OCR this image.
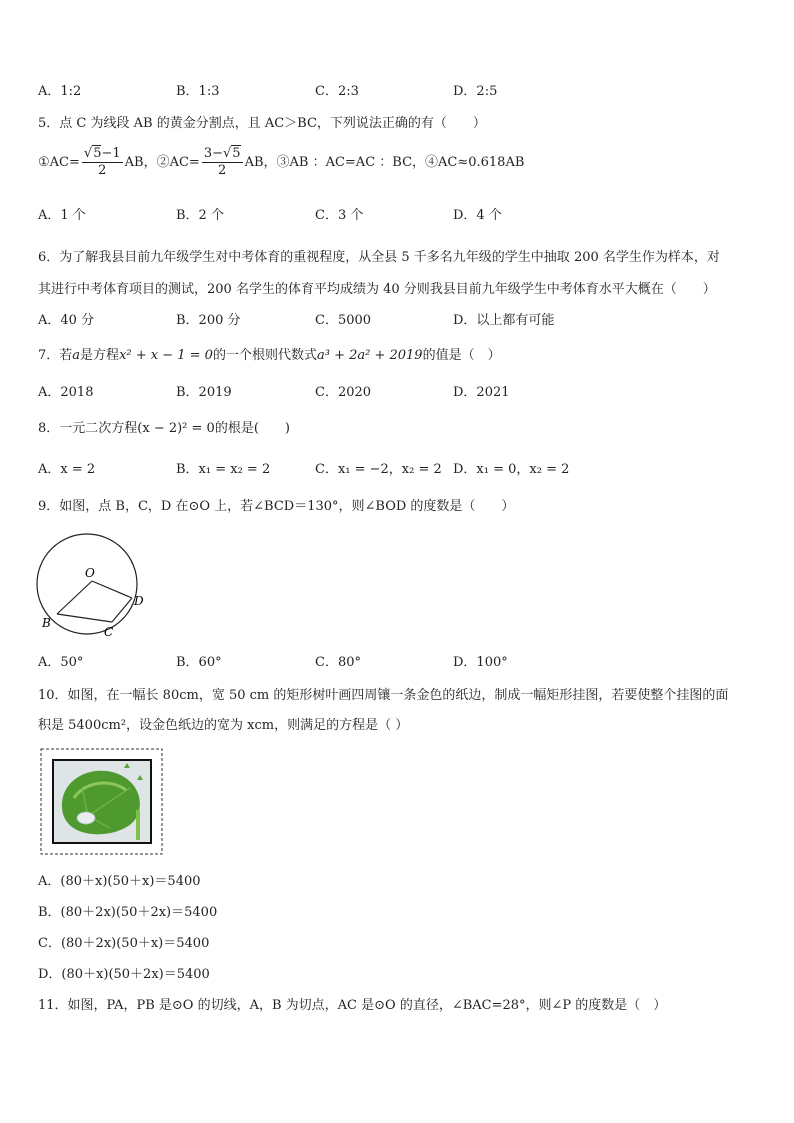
A．1:2	B．1:3	C．2:3	D．2:5
5．点 C 为线段 AB 的黄金分割点，且 AC＞BC，下列说法正确的有（　　）
①AC= $\frac{√5-1}{2}$ AB，②AC= $\frac{3-√5}{2}$ AB，③AB ：AC=AC ：BC，④AC≈0.618AB
A．1 个	B．2 个	C．3 个	D．4 个
6．为了解我县目前九年级学生对中考体育的重视程度，从全县 5 千多名九年级的学生中抽取 200 名学生作为样本，对
其进行中考体育项目的测试，200 名学生的体育平均成绩为 40 分则我县目前九年级学生中考体育水平大概在（　　）
A．40 分	B．200 分	C．5000	D．以上都有可能
7．若a是方程x² + x − 1 = 0的一个根则代数式a³ + 2a² + 2019的值是（　）
A．2018	B．2019	C．2020	D．2021
8．一元二次方程(x − 2)² = 0的根是(　　)
A．x = 2	B．x₁ = x₂ = 2	C．x₁ = −2，x₂ = 2 D．x₁ = 0，x₂ = 2
9．如图，点 B，C，D 在⊙O 上，若∠BCD＝130°，则∠BOD 的度数是（　　）
O
D
B
C
A．50°	B．60°	C．80°	D．100°
10．如图，在一幅长 80cm，宽 50 cm 的矩形树叶画四周镶一条金色的纸边，制成一幅矩形挂图，若要使整个挂图的面
积是 5400cm²，设金色纸边的宽为 xcm，则满足的方程是（ ）
A．(80＋x)(50＋x)＝5400
B．(80＋2x)(50＋2x)＝5400
C．(80＋2x)(50＋x)＝5400
D．(80＋x)(50＋2x)＝5400
11．如图，PA，PB 是⊙O 的切线，A，B 为切点，AC 是⊙O 的直径，∠BAC=28°，则∠P 的度数是（　）
